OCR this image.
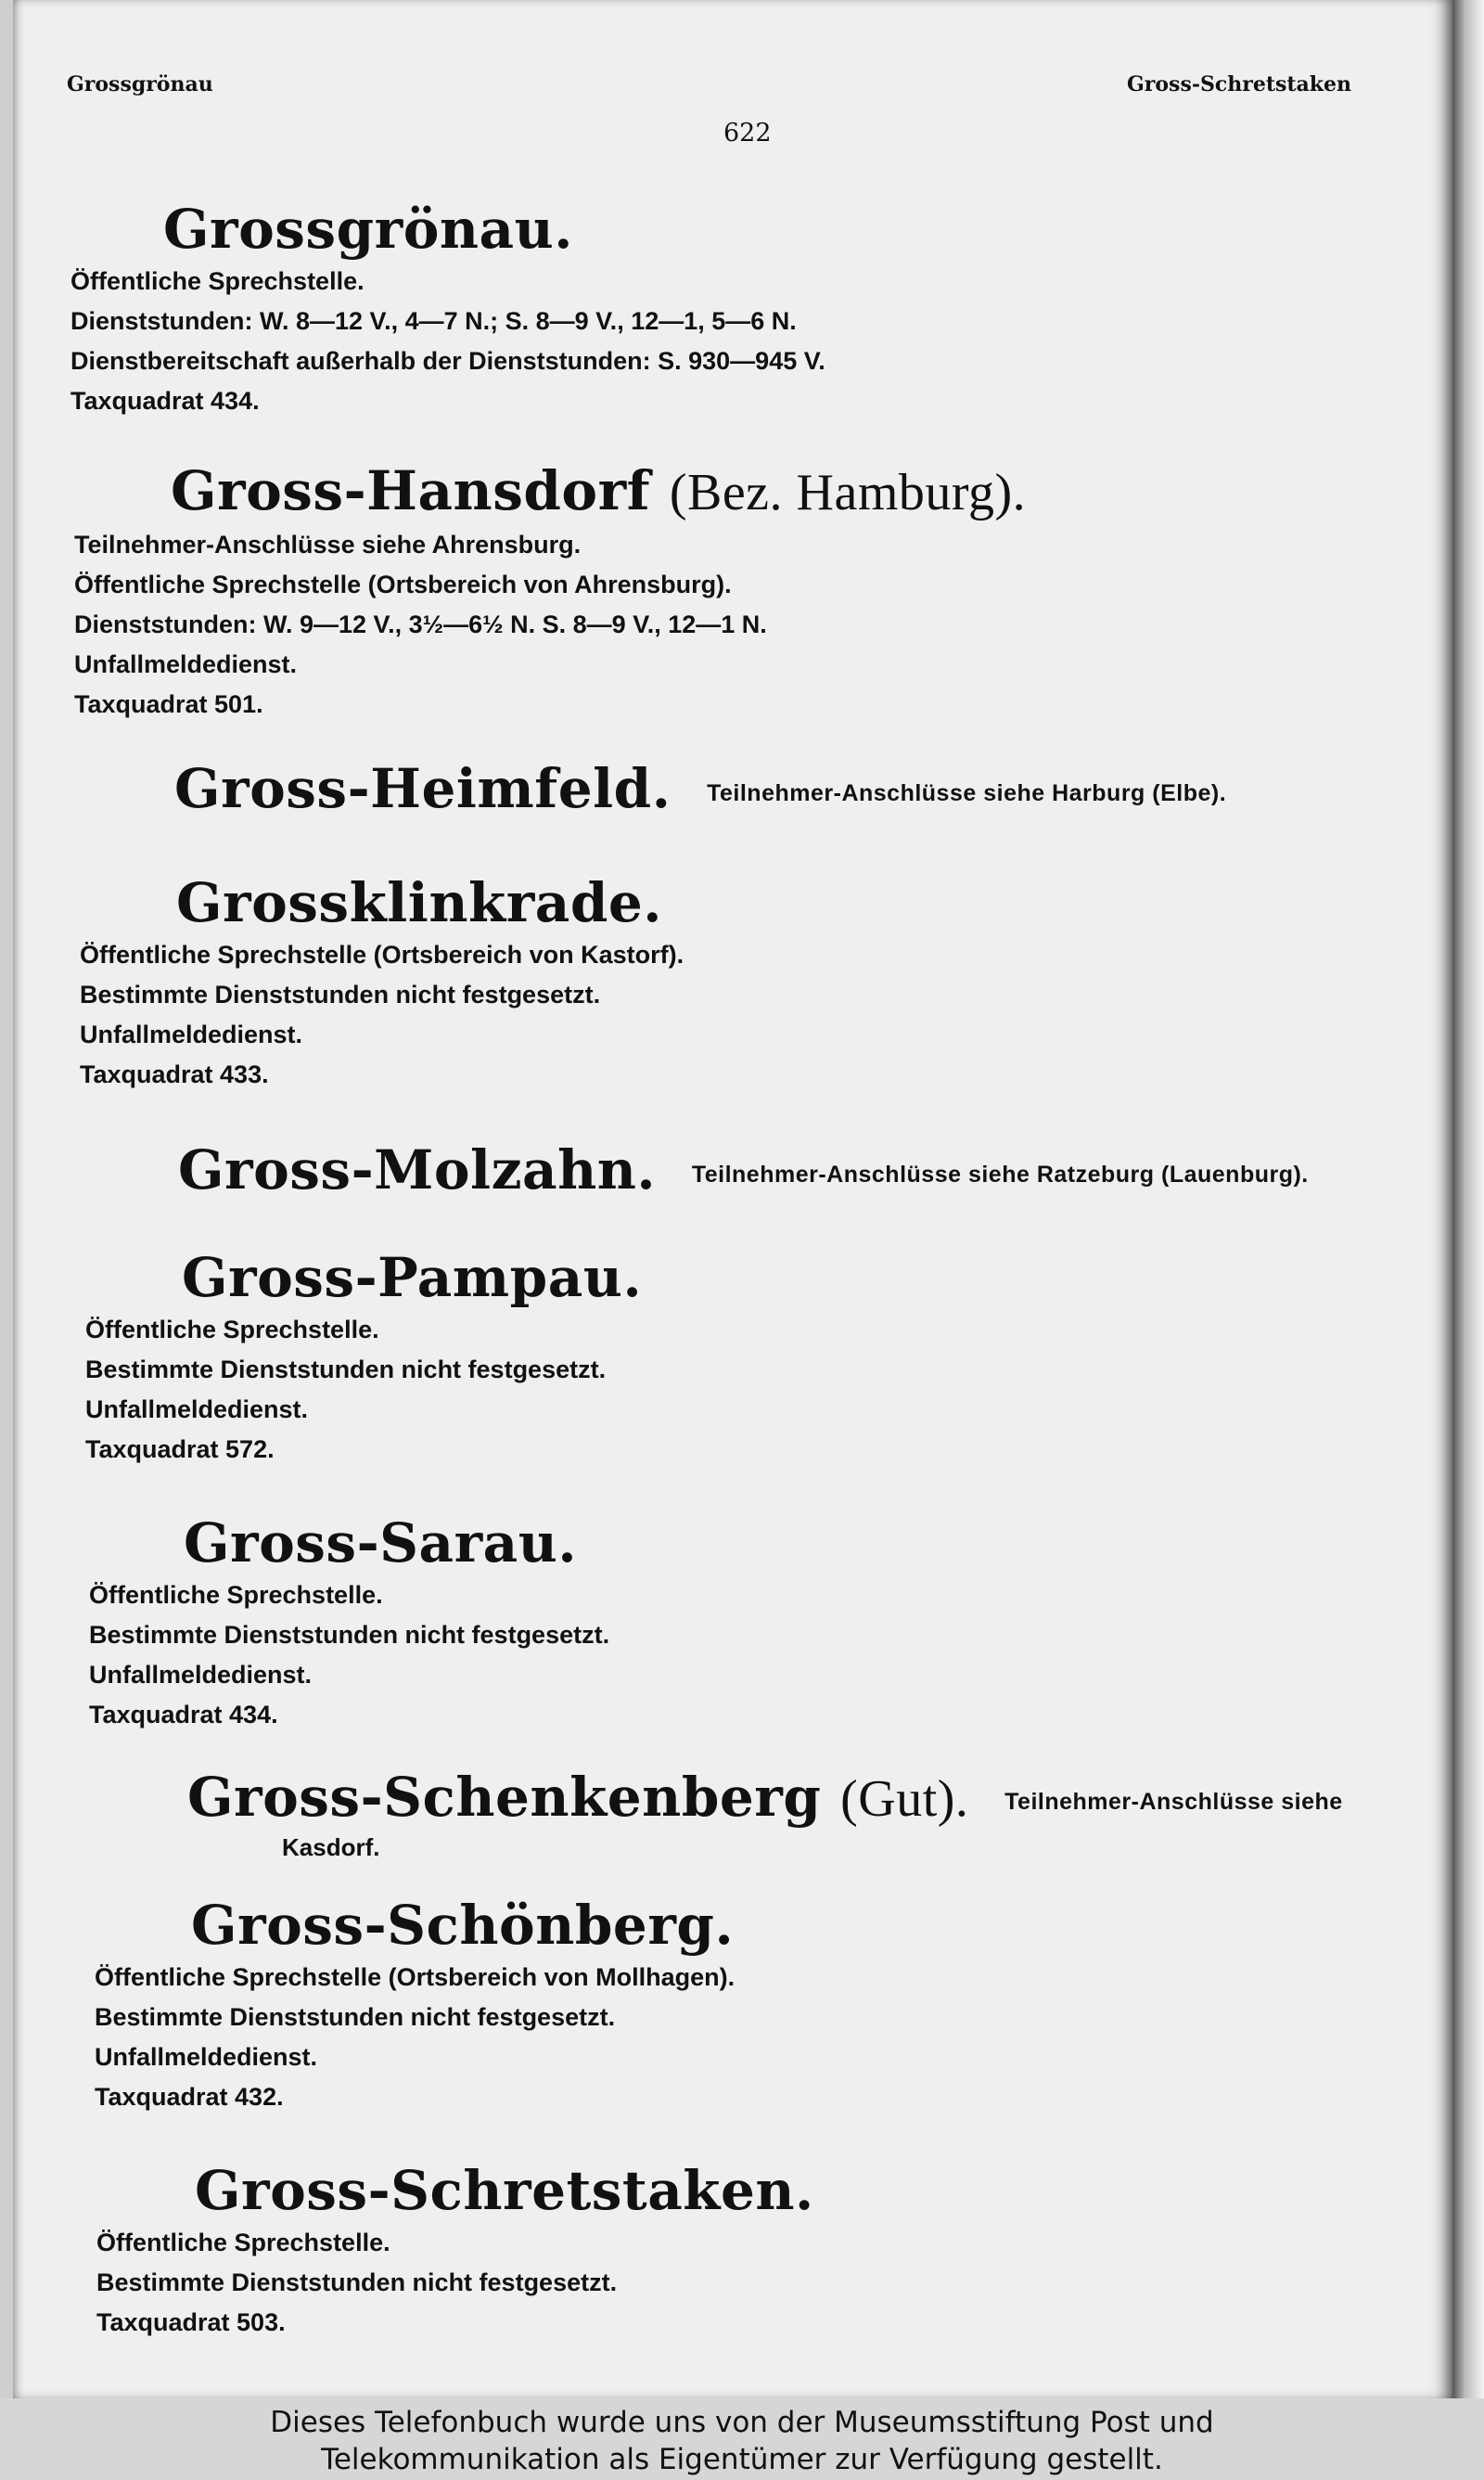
Grossgrönau	Gross-Schretstaken
622
Grossgrönau.
Öffentliche Sprechstelle.
Dienststunden: W. 8—12 V., 4—7 N.; S. 8—9 V., 12—1, 5—6 N.
Dienstbereitschaft außerhalb der Dienststunden: S. 930—945 V.
Taxquadrat 434.
Gross-Hansdorf (Bez. Hamburg).
Teilnehmer-Anschlüsse siehe Ahrensburg.
Öffentliche Sprechstelle (Ortsbereich von Ahrensburg).
Dienststunden: W. 9—12 V., 3½—6½ N. S. 8—9 V., 12—1 N.
Unfallmeldedienst.
Taxquadrat 501.
Gross-Heimfeld. Teilnehmer-Anschlüsse siehe Harburg (Elbe).
Grossklinkrade.
Öffentliche Sprechstelle (Ortsbereich von Kastorf).
Bestimmte Dienststunden nicht festgesetzt.
Unfallmeldedienst.
Taxquadrat 433.
Gross-Molzahn. Teilnehmer-Anschlüsse siehe Ratzeburg (Lauenburg).
Gross-Pampau.
Öffentliche Sprechstelle.
Bestimmte Dienststunden nicht festgesetzt.
Unfallmeldedienst.
Taxquadrat 572.
Gross-Sarau.
Öffentliche Sprechstelle.
Bestimmte Dienststunden nicht festgesetzt.
Unfallmeldedienst.
Taxquadrat 434.
Gross-Schenkenberg (Gut). Teilnehmer-Anschlüsse siehe
Kasdorf.
Gross-Schönberg.
Öffentliche Sprechstelle (Ortsbereich von Mollhagen).
Bestimmte Dienststunden nicht festgesetzt.
Unfallmeldedienst.
Taxquadrat 432.
Gross-Schretstaken.
Öffentliche Sprechstelle.
Bestimmte Dienststunden nicht festgesetzt.
Taxquadrat 503.
Dieses Telefonbuch wurde uns von der Museumsstiftung Post und
Telekommunikation als Eigentümer zur Verfügung gestellt.
